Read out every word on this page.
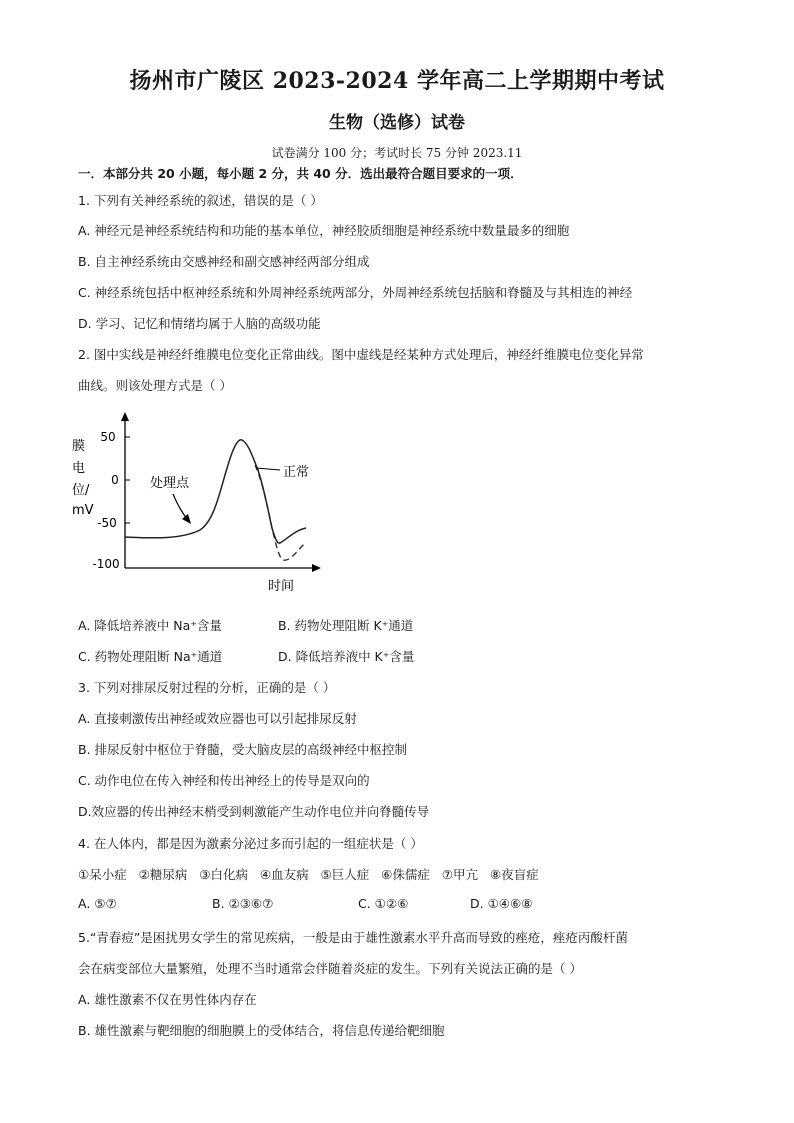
扬州市广陵区 2023-2024 学年高二上学期期中考试
生物（选修）试卷
试卷满分 100 分；考试时长 75 分钟 2023.11
一．本部分共 20 小题，每小题 2 分，共 40 分．选出最符合题目要求的一项．
1. 下列有关神经系统的叙述，错误的是（ ）
A. 神经元是神经系统结构和功能的基本单位，神经胶质细胞是神经系统中数量最多的细胞
B. 自主神经系统由交感神经和副交感神经两部分组成
C. 神经系统包括中枢神经系统和外周神经系统两部分，外周神经系统包括脑和脊髓及与其相连的神经
D. 学习、记忆和情绪均属于人脑的高级功能
2. 图中实线是神经纤维膜电位变化正常曲线。图中虚线是经某种方式处理后，神经纤维膜电位变化异常
曲线。则该处理方式是（ ）
50
0
-50
-100
膜
电
位/
mV
时间
处理点
正常
A. 降低培养液中 Na⁺含量	B. 药物处理阻断 K⁺通道
C. 药物处理阻断 Na⁺通道	D. 降低培养液中 K⁺含量
3. 下列对排尿反射过程的分析，正确的是（ ）
A. 直接刺激传出神经或效应器也可以引起排尿反射
B. 排尿反射中枢位于脊髓，受大脑皮层的高级神经中枢控制
C. 动作电位在传入神经和传出神经上的传导是双向的
D.效应器的传出神经末梢受到刺激能产生动作电位并向脊髓传导
4. 在人体内，都是因为激素分泌过多而引起的一组症状是（ ）
①呆小症   ②糖尿病   ③白化病   ④血友病   ⑤巨人症   ⑥侏儒症   ⑦甲亢   ⑧夜盲症
A. ⑤⑦	B. ②③⑥⑦	C. ①②⑥	D. ①④⑥⑧
5.“青春痘”是困扰男女学生的常见疾病，一般是由于雄性激素水平升高而导致的痤疮，痤疮丙酸杆菌
会在病变部位大量繁殖，处理不当时通常会伴随着炎症的发生。下列有关说法正确的是（ ）
A. 雄性激素不仅在男性体内存在
B. 雄性激素与靶细胞的细胞膜上的受体结合，将信息传递给靶细胞
